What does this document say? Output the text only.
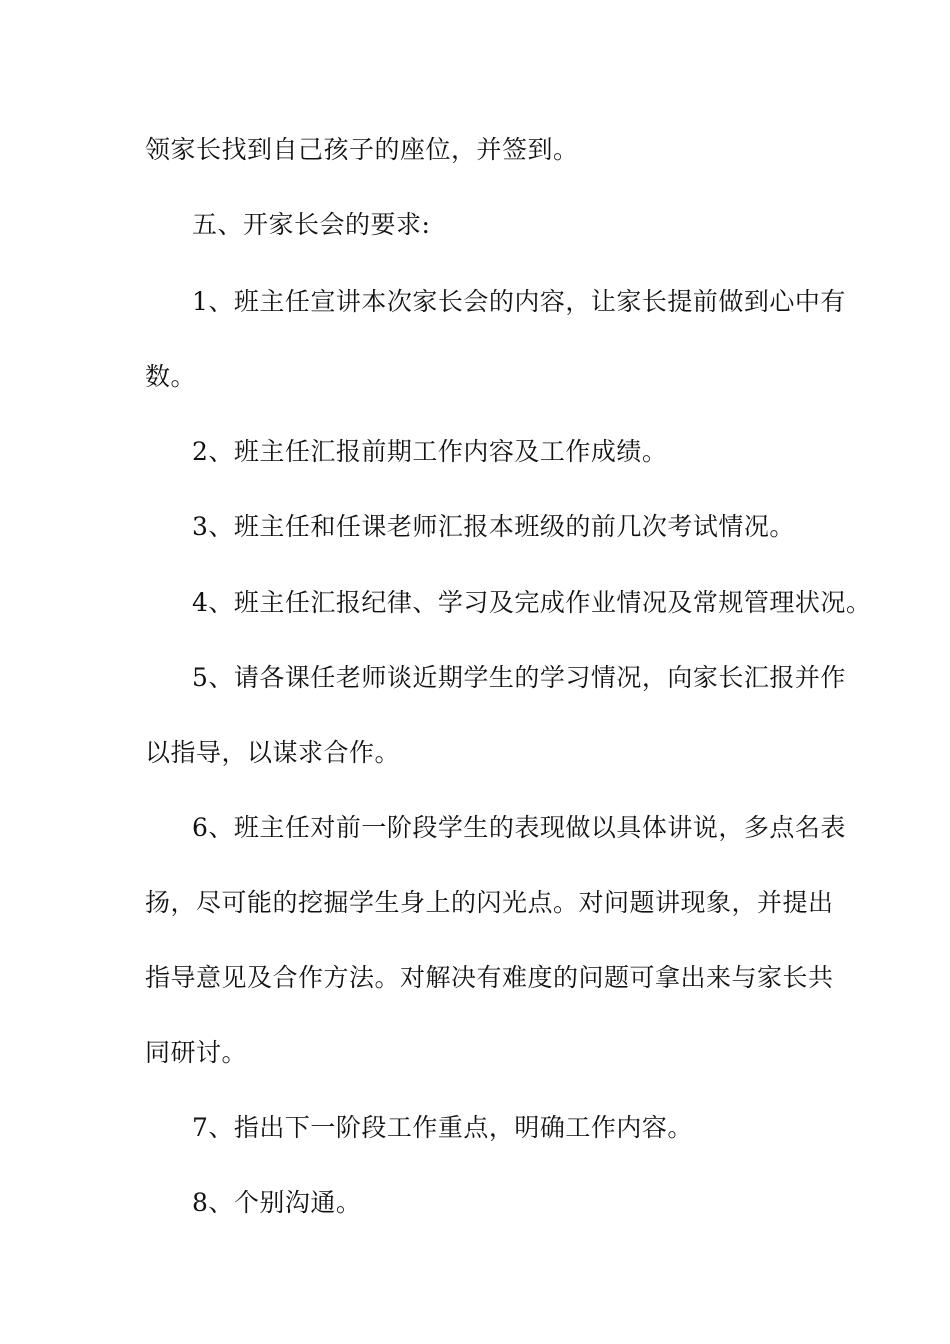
领家长找到自己孩子的座位，并签到。
五、开家长会的要求:
1、班主任宣讲本次家长会的内容，让家长提前做到心中有
数。
2、班主任汇报前期工作内容及工作成绩。
3、班主任和任课老师汇报本班级的前几次考试情况。
4、班主任汇报纪律、学习及完成作业情况及常规管理状况。
5、请各课任老师谈近期学生的学习情况，向家长汇报并作
以指导，以谋求合作。
6、班主任对前一阶段学生的表现做以具体讲说，多点名表
扬，尽可能的挖掘学生身上的闪光点。对问题讲现象，并提出
指导意见及合作方法。对解决有难度的问题可拿出来与家长共
同研讨。
7、指出下一阶段工作重点，明确工作内容。
8、个别沟通。
